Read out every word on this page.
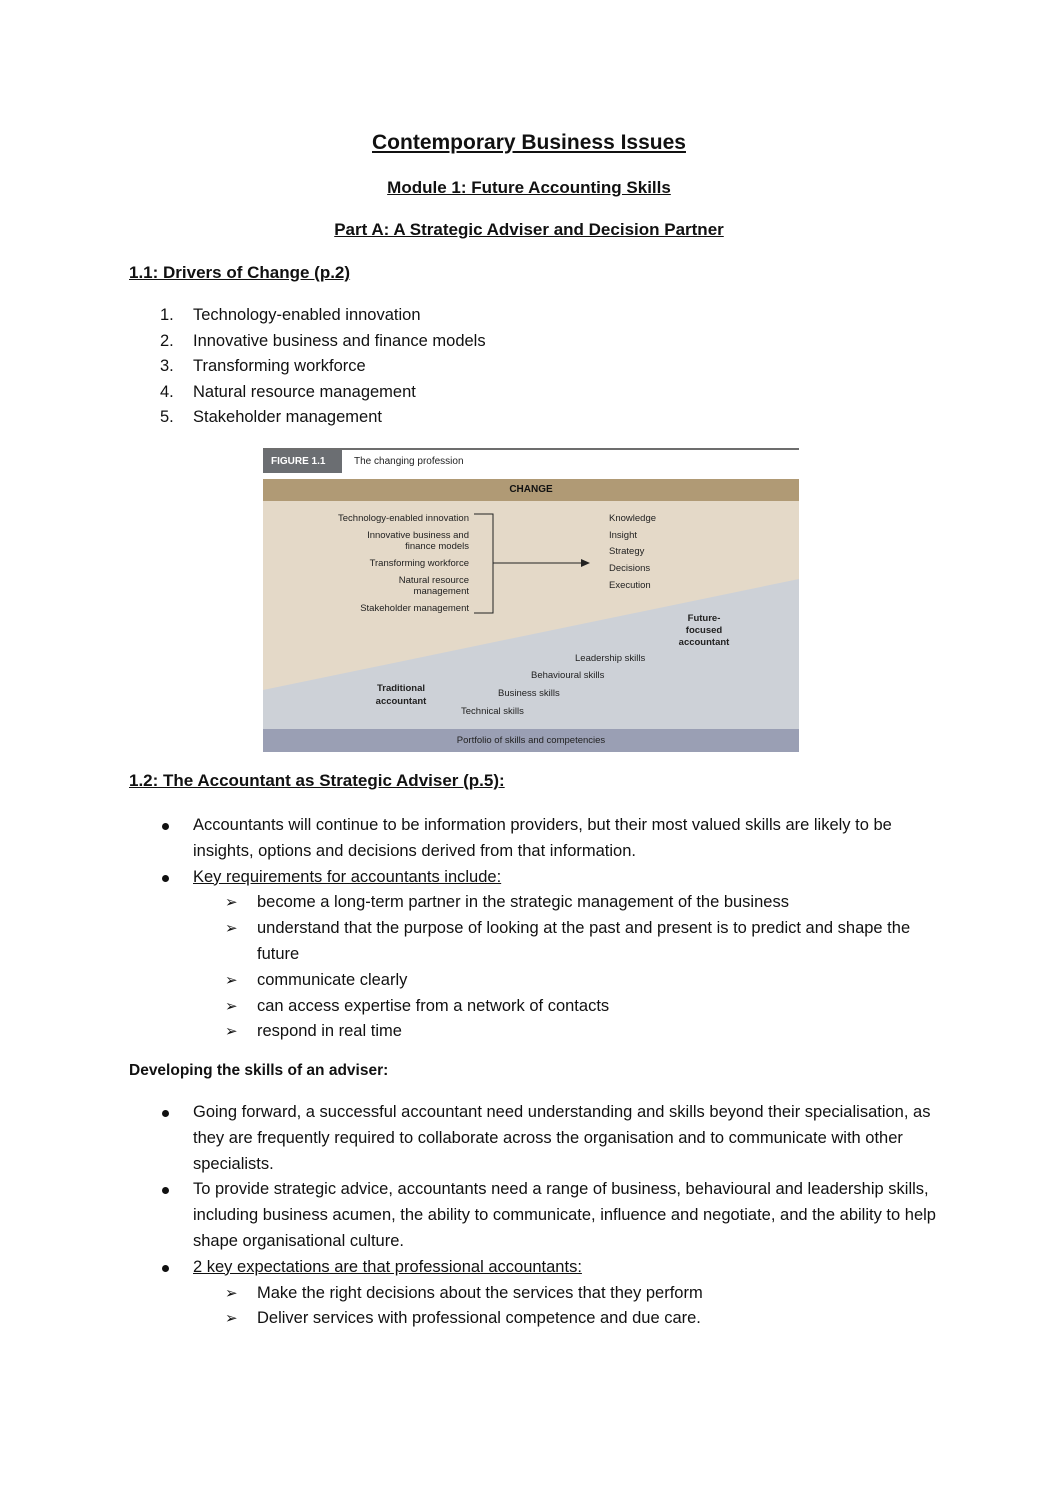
Contemporary Business Issues
Module 1: Future Accounting Skills
Part A: A Strategic Adviser and Decision Partner
1.1: Drivers of Change (p.2)
1. Technology-enabled innovation
2. Innovative business and finance models
3. Transforming workforce
4. Natural resource management
5. Stakeholder management
FIGURE 1.1	The changing profession
CHANGE
Technology-enabled innovation
Innovative business and
finance models
Transforming workforce
Natural resource
management
Stakeholder management
Knowledge
Insight
Strategy
Decisions
Execution
Future-
focused
accountant
Traditional
accountant
Leadership skills
Behavioural skills
Business skills
Technical skills
Portfolio of skills and competencies
1.2: The Accountant as Strategic Adviser (p.5):
Accountants will continue to be information providers, but their most valued skills are likely to be insights, options and decisions derived from that information.
Key requirements for accountants include:
➢ become a long-term partner in the strategic management of the business
➢ understand that the purpose of looking at the past and present is to predict and shape the future
➢ communicate clearly
➢ can access expertise from a network of contacts
➢ respond in real time
Developing the skills of an adviser:
Going forward, a successful accountant need understanding and skills beyond their specialisation, as they are frequently required to collaborate across the organisation and to communicate with other specialists.
To provide strategic advice, accountants need a range of business, behavioural and leadership skills, including business acumen, the ability to communicate, influence and negotiate, and the ability to help shape organisational culture.
2 key expectations are that professional accountants:
➢ Make the right decisions about the services that they perform
➢ Deliver services with professional competence and due care.
